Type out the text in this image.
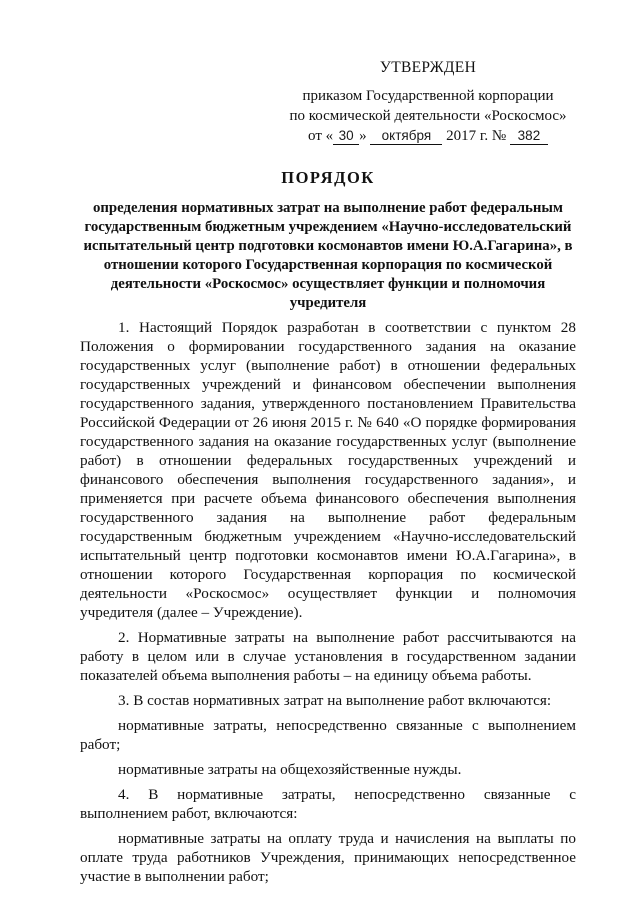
УТВЕРЖДЕН
приказом Государственной корпорации
по космической деятельности «Роскосмос»
от « 30 » октября 2017 г. № 382
ПОРЯДОК
определения нормативных затрат на выполнение работ федеральным государственным бюджетным учреждением «Научно-исследовательский испытательный центр подготовки космонавтов имени Ю.А.Гагарина», в отношении которого Государственная корпорация по космической деятельности «Роскосмос» осуществляет функции и полномочия учредителя

1. Настоящий Порядок разработан в соответствии с пунктом 28 Положения о формировании государственного задания на оказание государственных услуг (выполнение работ) в отношении федеральных государственных учреждений и финансовом обеспечении выполнения государственного задания, утвержденного постановлением Правительства Российской Федерации от 26 июня 2015 г. № 640 «О порядке формирования государственного задания на оказание государственных услуг (выполнение работ) в отношении федеральных государственных учреждений и финансового обеспечения выполнения государственного задания», и применяется при расчете объема финансового обеспечения выполнения государственного задания на выполнение работ федеральным государственным бюджетным учреждением «Научно-исследовательский испытательный центр подготовки космонавтов имени Ю.А.Гагарина», в отношении которого Государственная корпорация по космической деятельности «Роскосмос» осуществляет функции и полномочия учредителя (далее – Учреждение).

2. Нормативные затраты на выполнение работ рассчитываются на работу в целом или в случае установления в государственном задании показателей объема выполнения работы – на единицу объема работы.

3. В состав нормативных затрат на выполнение работ включаются:

нормативные затраты, непосредственно связанные с выполнением работ;

нормативные затраты на общехозяйственные нужды.

4. В нормативные затраты, непосредственно связанные с выполнением работ, включаются:

нормативные затраты на оплату труда и начисления на выплаты по оплате труда работников Учреждения, принимающих непосредственное участие в выполнении работ;
